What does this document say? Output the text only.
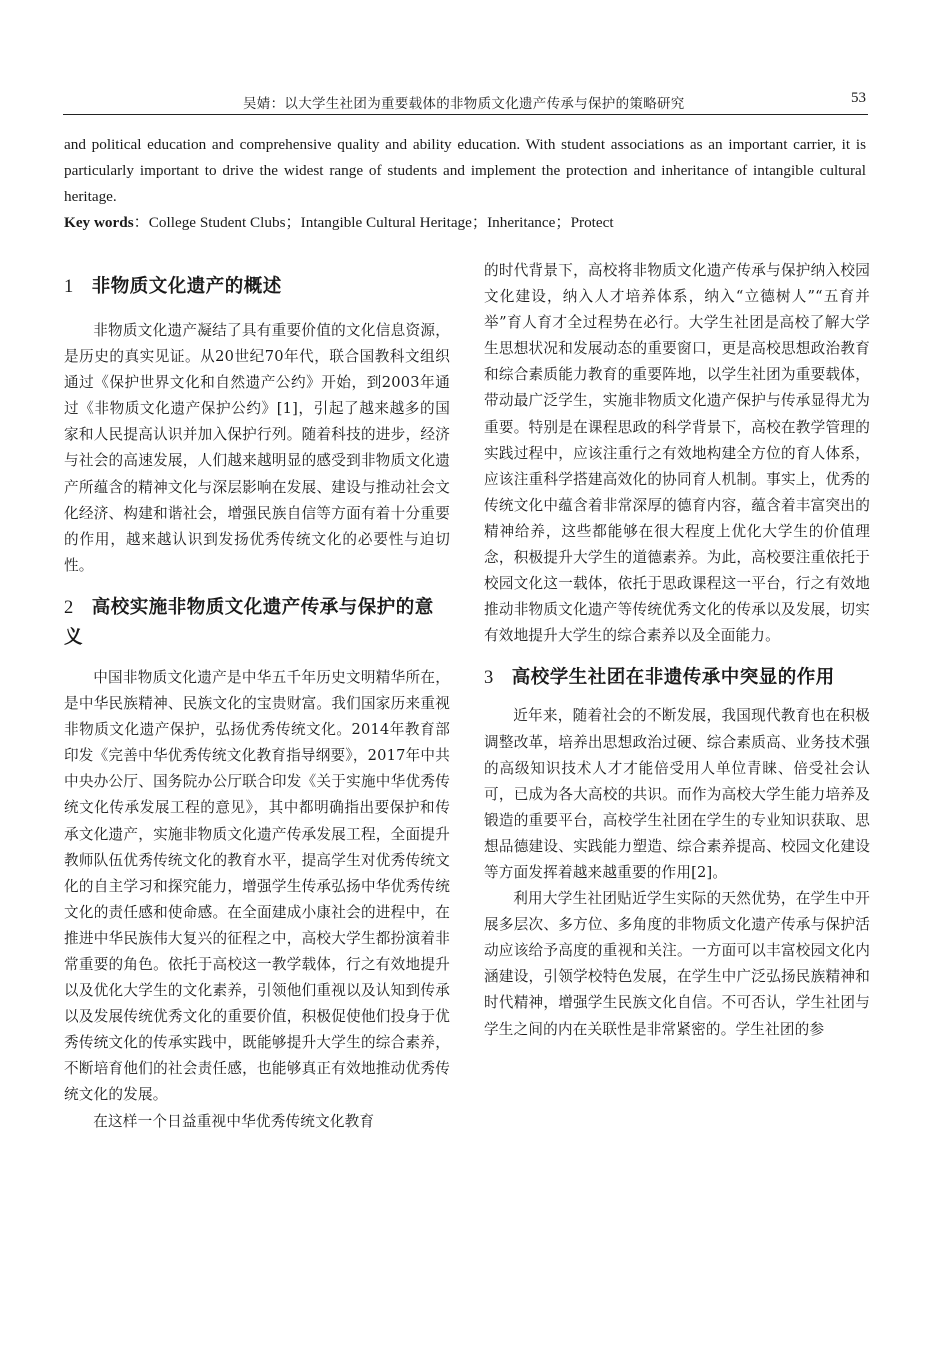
吴婧：以大学生社团为重要载体的非物质文化遗产传承与保护的策略研究	53

and political education and comprehensive quality and ability education. With student associations as an important carrier, it is particularly important to drive the widest range of students and implement the protection and inheritance of intangible cultural heritage.

Key words：College Student Clubs；Intangible Cultural Heritage；Inheritance；Protect

1 非物质文化遗产的概述

非物质文化遗产凝结了具有重要价值的文化信息资源，是历史的真实见证。从20世纪70年代，联合国教科文组织通过《保护世界文化和自然遗产公约》开始，到2003年通过《非物质文化遗产保护公约》[1]，引起了越来越多的国家和人民提高认识并加入保护行列。随着科技的进步，经济与社会的高速发展，人们越来越明显的感受到非物质文化遗产所蕴含的精神文化与深层影响在发展、建设与推动社会文化经济、构建和谐社会，增强民族自信等方面有着十分重要的作用，越来越认识到发扬优秀传统文化的必要性与迫切性。

2 高校实施非物质文化遗产传承与保护的意义

中国非物质文化遗产是中华五千年历史文明精华所在，是中华民族精神、民族文化的宝贵财富。我们国家历来重视非物质文化遗产保护，弘扬优秀传统文化。2014年教育部印发《完善中华优秀传统文化教育指导纲要》，2017年中共中央办公厅、国务院办公厅联合印发《关于实施中华优秀传统文化传承发展工程的意见》，其中都明确指出要保护和传承文化遗产，实施非物质文化遗产传承发展工程，全面提升教师队伍优秀传统文化的教育水平，提高学生对优秀传统文化的自主学习和探究能力，增强学生传承弘扬中华优秀传统文化的责任感和使命感。在全面建成小康社会的进程中，在推进中华民族伟大复兴的征程之中，高校大学生都扮演着非常重要的角色。依托于高校这一教学载体，行之有效地提升以及优化大学生的文化素养，引领他们重视以及认知到传承以及发展传统优秀文化的重要价值，积极促使他们投身于优秀传统文化的传承实践中，既能够提升大学生的综合素养，不断培育他们的社会责任感，也能够真正有效地推动优秀传统文化的发展。

在这样一个日益重视中华优秀传统文化教育

的时代背景下，高校将非物质文化遗产传承与保护纳入校园文化建设，纳入人才培养体系，纳入“立德树人”“五育并举”育人育才全过程势在必行。大学生社团是高校了解大学生思想状况和发展动态的重要窗口，更是高校思想政治教育和综合素质能力教育的重要阵地，以学生社团为重要载体，带动最广泛学生，实施非物质文化遗产保护与传承显得尤为重要。特别是在课程思政的科学背景下，高校在教学管理的实践过程中，应该注重行之有效地构建全方位的育人体系，应该注重科学搭建高效化的协同育人机制。事实上，优秀的传统文化中蕴含着非常深厚的德育内容，蕴含着丰富突出的精神给养，这些都能够在很大程度上优化大学生的价值理念，积极提升大学生的道德素养。为此，高校要注重依托于校园文化这一载体，依托于思政课程这一平台，行之有效地推动非物质文化遗产等传统优秀文化的传承以及发展，切实有效地提升大学生的综合素养以及全面能力。

3 高校学生社团在非遗传承中突显的作用

近年来，随着社会的不断发展，我国现代教育也在积极调整改革，培养出思想政治过硬、综合素质高、业务技术强的高级知识技术人才才能倍受用人单位青睐、倍受社会认可，已成为各大高校的共识。而作为高校大学生能力培养及锻造的重要平台，高校学生社团在学生的专业知识获取、思想品德建设、实践能力塑造、综合素养提高、校园文化建设等方面发挥着越来越重要的作用[2]。

利用大学生社团贴近学生实际的天然优势，在学生中开展多层次、多方位、多角度的非物质文化遗产传承与保护活动应该给予高度的重视和关注。一方面可以丰富校园文化内涵建设，引领学校特色发展，在学生中广泛弘扬民族精神和时代精神，增强学生民族文化自信。不可否认，学生社团与学生之间的内在关联性是非常紧密的。学生社团的参
